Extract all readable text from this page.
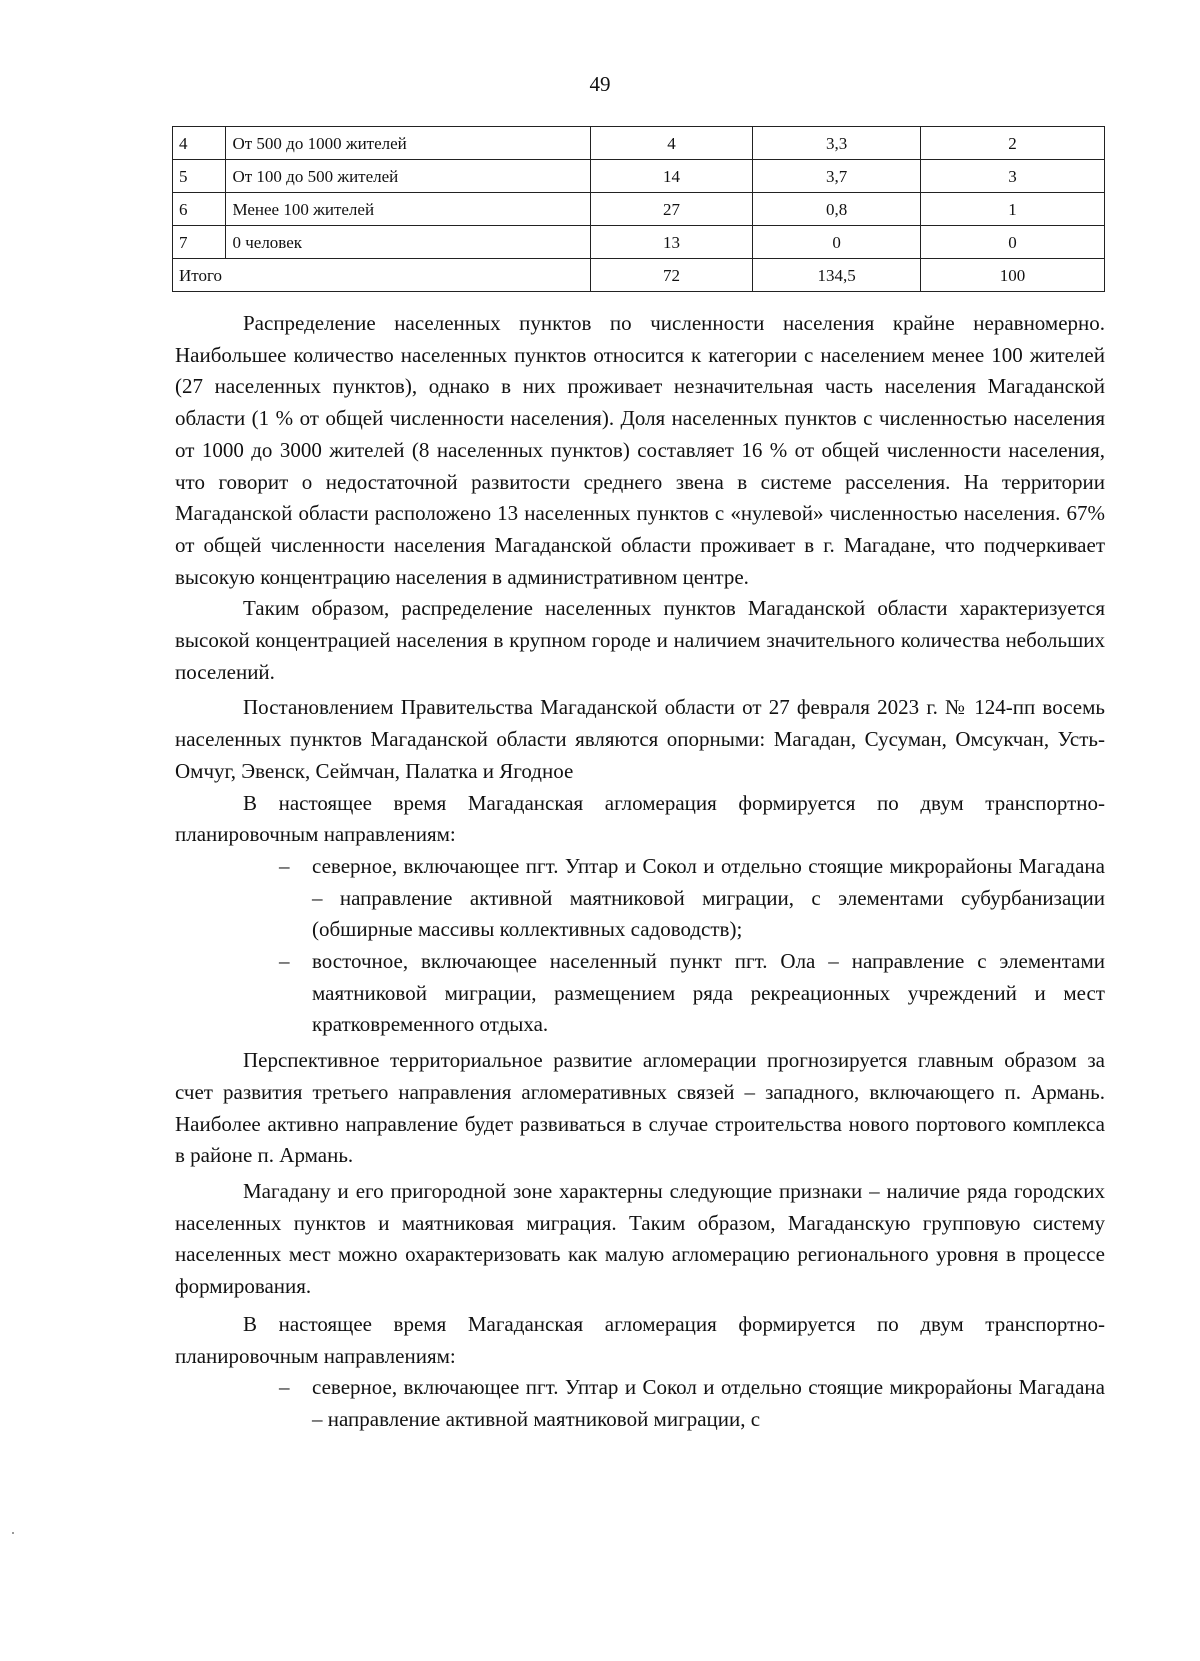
49
4	От 500 до 1000 жителей	4	3,3	2
5	От 100 до 500 жителей	14	3,7	3
6	Менее 100 жителей	27	0,8	1
7	0 человек	13	0	0
Итого		72	134,5	100

Распределение населенных пунктов по численности населения крайне неравномерно. Наибольшее количество населенных пунктов относится к категории с населением менее 100 жителей (27 населенных пунктов), однако в них проживает незначительная часть населения Магаданской области (1 % от общей численности населения). Доля населенных пунктов с численностью населения от 1000 до 3000 жителей (8 населенных пунктов) составляет 16 % от общей численности населения, что говорит о недостаточной развитости среднего звена в системе расселения. На территории Магаданской области расположено 13 населенных пунктов с «нулевой» численностью населения. 67% от общей численности населения Магаданской области проживает в г. Магадане, что подчеркивает высокую концентрацию населения в административном центре.

Таким образом, распределение населенных пунктов Магаданской области характеризуется высокой концентрацией населения в крупном городе и наличием значительного количества небольших поселений.

Постановлением Правительства Магаданской области от 27 февраля 2023 г. № 124-пп восемь населенных пунктов Магаданской области являются опорными: Магадан, Сусуман, Омсукчан, Усть-Омчуг, Эвенск, Сеймчан, Палатка и Ягодное

В настоящее время Магаданская агломерация формируется по двум транспортно-планировочным направлениям:

– северное, включающее пгт. Уптар и Сокол и отдельно стоящие микрорайоны Магадана – направление активной маятниковой миграции, с элементами субурбанизации (обширные массивы коллективных садоводств);
– восточное, включающее населенный пункт пгт. Ола – направление с элементами маятниковой миграции, размещением ряда рекреационных учреждений и мест кратковременного отдыха.

Перспективное территориальное развитие агломерации прогнозируется главным образом за счет развития третьего направления агломеративных связей – западного, включающего п. Армань. Наиболее активно направление будет развиваться в случае строительства нового портового комплекса в районе п. Армань.

Магадану и его пригородной зоне характерны следующие признаки – наличие ряда городских населенных пунктов и маятниковая миграция. Таким образом, Магаданскую групповую систему населенных мест можно охарактеризовать как малую агломерацию регионального уровня в процессе формирования.

В настоящее время Магаданская агломерация формируется по двум транспортно-планировочным направлениям:

– северное, включающее пгт. Уптар и Сокол и отдельно стоящие микрорайоны Магадана – направление активной маятниковой миграции, с
